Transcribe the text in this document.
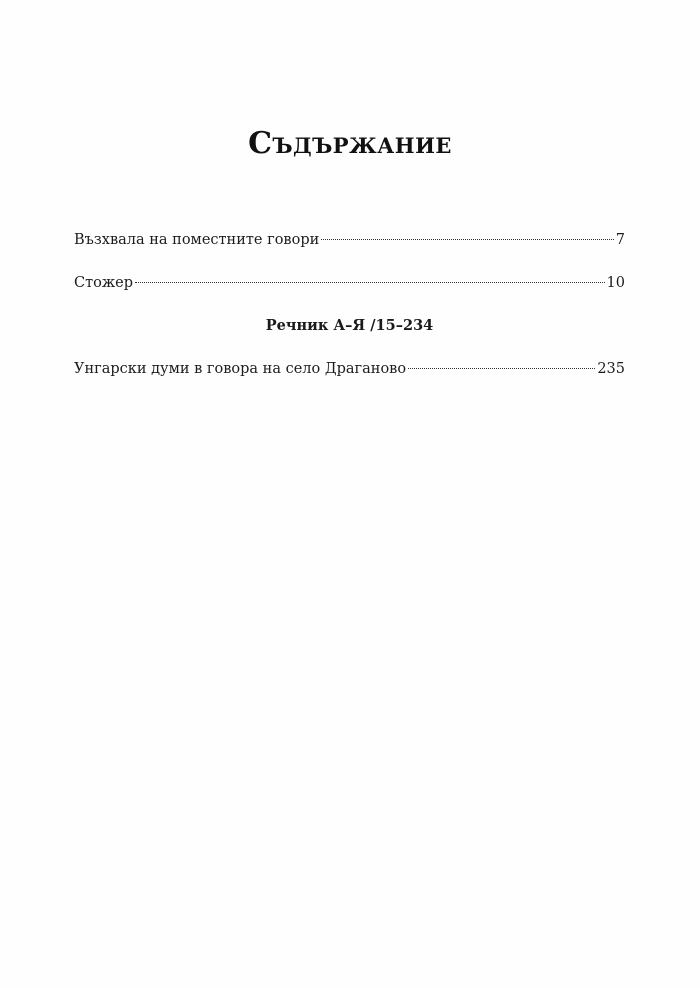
Съдържание
Възхвала на поместните говори	7
Стожер	10
Речник А–Я /15–234
Унгарски думи в говора на село Драганово	235
